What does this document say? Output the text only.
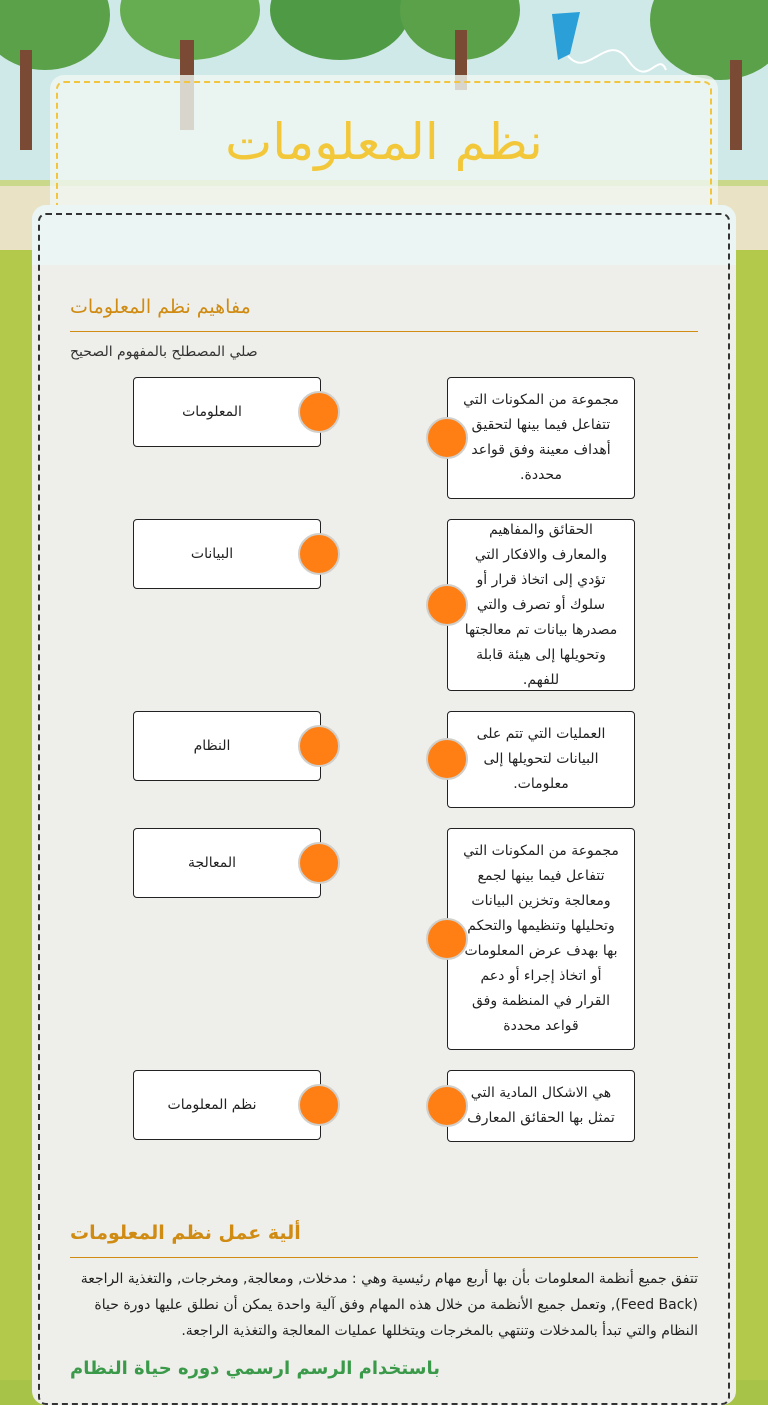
نظم المعلومات
مفاهيم نظم المعلومات
صلي المصطلح بالمفهوم الصحيح
المعلومات
البيانات
النظام
المعالجة
نظم المعلومات
مجموعة من المكونات التي تتفاعل فيما بينها لتحقيق أهداف معينة وفق قواعد محددة.
الحقائق والمفاهيم والمعارف والافكار التي تؤدي إلى اتخاذ قرار أو سلوك أو تصرف والتي مصدرها بيانات تم معالجتها وتحويلها إلى هيئة قابلة للفهم.
العمليات التي تتم على البيانات لتحويلها إلى معلومات.
مجموعة من المكونات التي تتفاعل فيما بينها لجمع ومعالجة وتخزين البيانات وتحليلها وتنظيمها والتحكم بها بهدف عرض المعلومات أو اتخاذ إجراء أو دعم القرار في المنظمة وفق قواعد محددة
هي الاشكال المادية التي تمثل بها الحقائق المعارف
ألية عمل نظم المعلومات
تتفق جميع أنظمة المعلومات بأن بها أربع مهام رئيسية وهي : مدخلات, ومعالجة, ومخرجات, والتغذية الراجعة (Feed Back), وتعمل جميع الأنظمة من خلال هذه المهام وفق آلية واحدة يمكن أن نطلق عليها دورة حياة النظام والتي تبدأ بالمدخلات وتنتهي بالمخرجات ويتخللها عمليات المعالجة والتغذية الراجعة.
باستخدام الرسم ارسمي دوره حياة النظام
